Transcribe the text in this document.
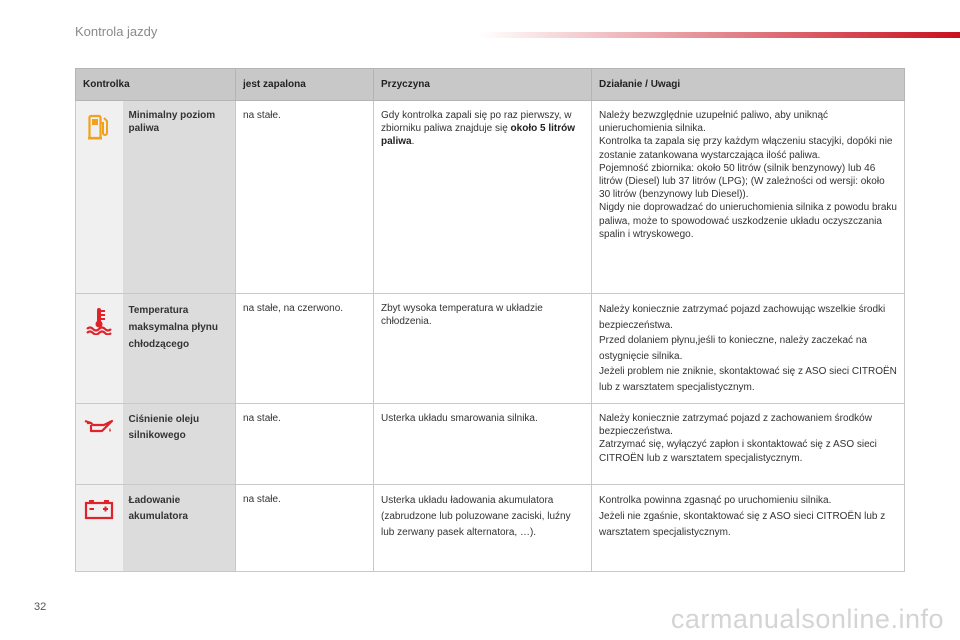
Kontrola jazdy
Kontrolka		jest zapalona	Przyczyna	Działanie / Uwagi

	Minimalny poziom paliwa	na stałe.	Gdy kontrolka zapali się po raz pierwszy, w zbiorniku paliwa znajduje się około 5 litrów paliwa.	Należy bezwzględnie uzupełnić paliwo, aby uniknąć unieruchomienia silnika.
Kontrolka ta zapala się przy każdym włączeniu stacyjki, dopóki nie zostanie zatankowana wystarczająca ilość paliwa.
Pojemność zbiornika: około 50 litrów (silnik benzynowy) lub 46 litrów (Diesel) lub 37 litrów (LPG); (W zależności od wersji: około 30 litrów (benzynowy lub Diesel)).
Nigdy nie doprowadzać do unieruchomienia silnika z powodu braku paliwa, może to spowodować uszkodzenie układu oczyszczania spalin i wtryskowego.

	Temperatura maksymalna płynu chłodzącego	na stałe, na czerwono.	Zbyt wysoka temperatura w układzie chłodzenia.	Należy koniecznie zatrzymać pojazd zachowując wszelkie środki bezpieczeństwa.
Przed dolaniem płynu,jeśli to konieczne, należy zaczekać na ostygnięcie silnika.
Jeżeli problem nie zniknie, skontaktować się z ASO sieci CITROËN lub z warsztatem specjalistycznym.

	Ciśnienie oleju silnikowego	na stałe.	Usterka układu smarowania silnika.	Należy koniecznie zatrzymać pojazd z zachowaniem środków bezpieczeństwa.
Zatrzymać się, wyłączyć zapłon i skontaktować się z ASO sieci CITROËN lub z warsztatem specjalistycznym.

	Ładowanie akumulatora	na stałe.	Usterka układu ładowania akumulatora (zabrudzone lub poluzowane zaciski, luźny lub zerwany pasek alternatora, …).	Kontrolka powinna zgasnąć po uruchomieniu silnika.
Jeżeli nie zgaśnie, skontaktować się z ASO sieci CITROËN lub z warsztatem specjalistycznym.
32	carmanualsonline.info
